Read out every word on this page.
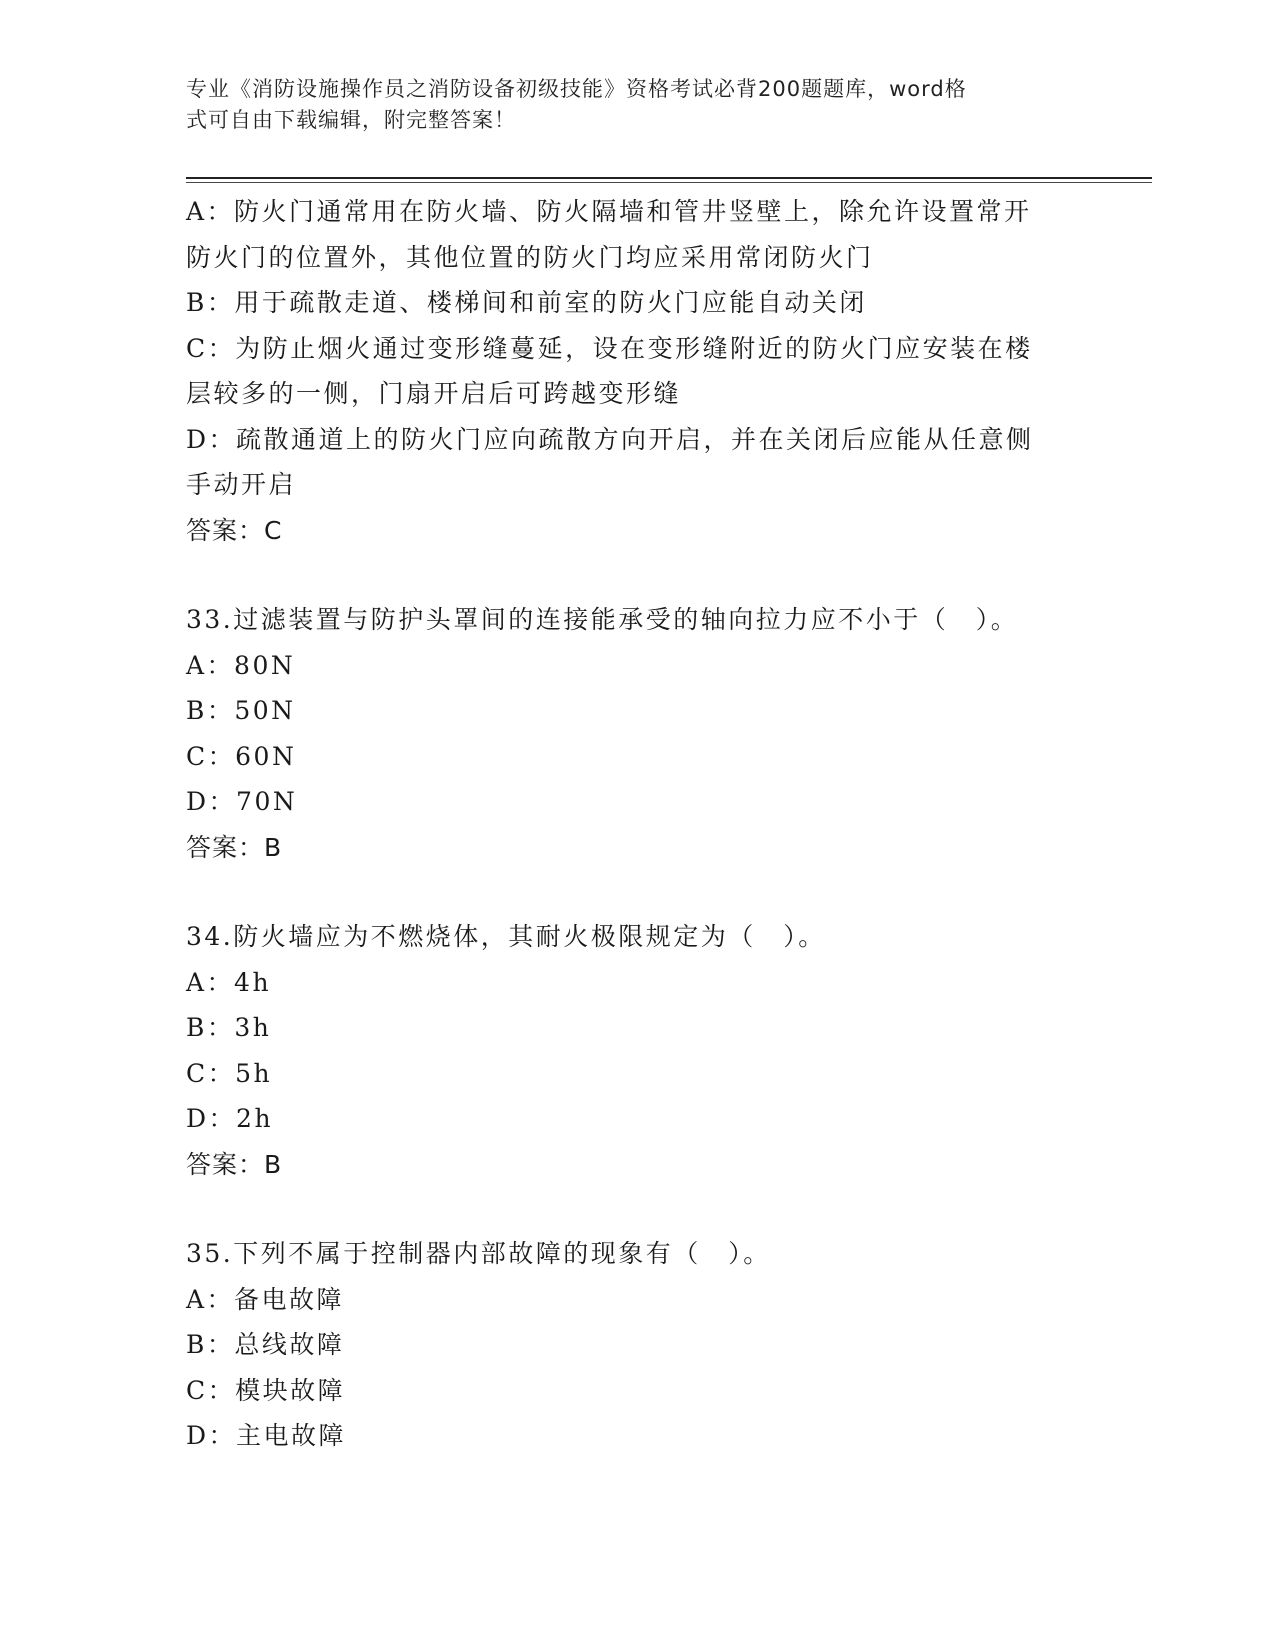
专业《消防设施操作员之消防设备初级技能》资格考试必背200题题库，word格
式可自由下载编辑，附完整答案！
A：防火门通常用在防火墙、防火隔墙和管井竖壁上，除允许设置常开
防火门的位置外，其他位置的防火门均应采用常闭防火门
B：用于疏散走道、楼梯间和前室的防火门应能自动关闭
C：为防止烟火通过变形缝蔓延，设在变形缝附近的防火门应安装在楼
层较多的一侧，门扇开启后可跨越变形缝
D：疏散通道上的防火门应向疏散方向开启，并在关闭后应能从任意侧
手动开启
答案：C
33.过滤装置与防护头罩间的连接能承受的轴向拉力应不小于（　）。
A：80N
B：50N
C：60N
D：70N
答案：B
34.防火墙应为不燃烧体，其耐火极限规定为（　）。
A：4h
B：3h
C：5h
D：2h
答案：B
35.下列不属于控制器内部故障的现象有（　）。
A：备电故障
B：总线故障
C：模块故障
D：主电故障
